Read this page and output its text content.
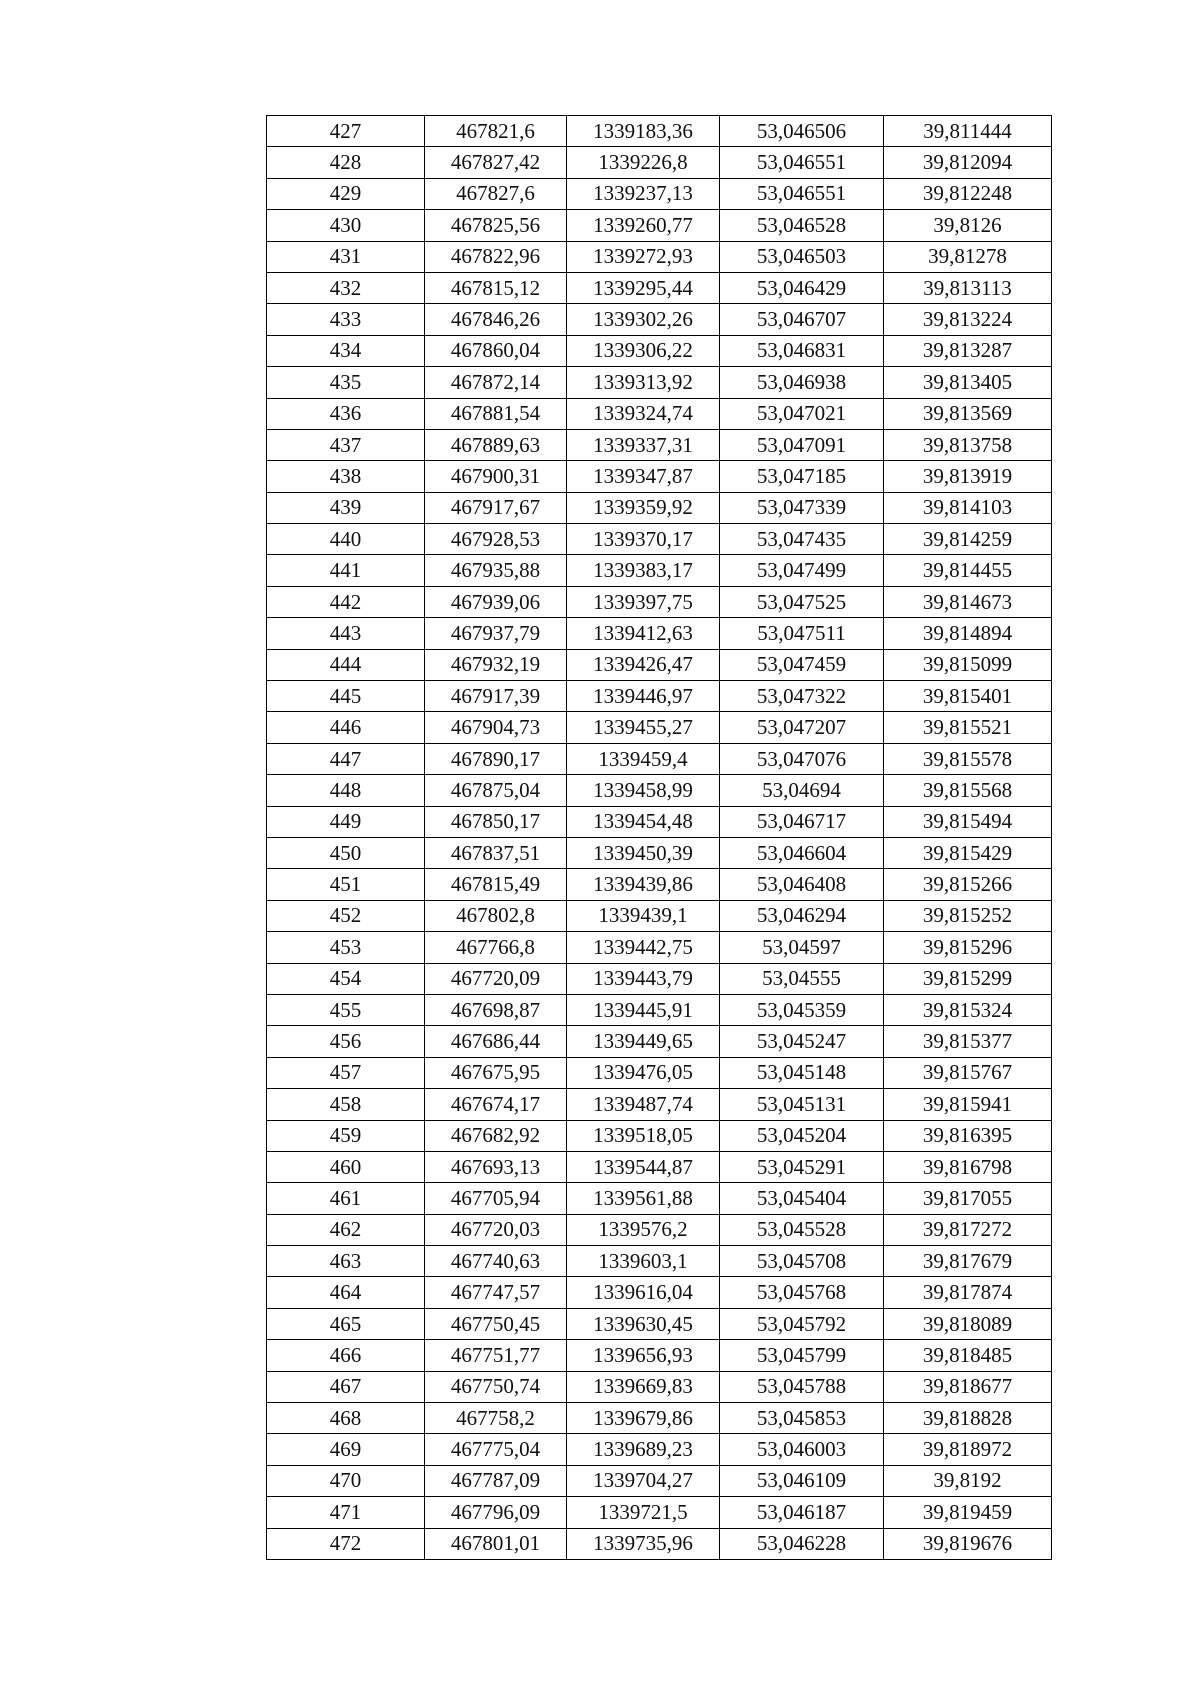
427	467821,6	1339183,36	53,046506	39,811444
428	467827,42	1339226,8	53,046551	39,812094
429	467827,6	1339237,13	53,046551	39,812248
430	467825,56	1339260,77	53,046528	39,8126
431	467822,96	1339272,93	53,046503	39,81278
432	467815,12	1339295,44	53,046429	39,813113
433	467846,26	1339302,26	53,046707	39,813224
434	467860,04	1339306,22	53,046831	39,813287
435	467872,14	1339313,92	53,046938	39,813405
436	467881,54	1339324,74	53,047021	39,813569
437	467889,63	1339337,31	53,047091	39,813758
438	467900,31	1339347,87	53,047185	39,813919
439	467917,67	1339359,92	53,047339	39,814103
440	467928,53	1339370,17	53,047435	39,814259
441	467935,88	1339383,17	53,047499	39,814455
442	467939,06	1339397,75	53,047525	39,814673
443	467937,79	1339412,63	53,047511	39,814894
444	467932,19	1339426,47	53,047459	39,815099
445	467917,39	1339446,97	53,047322	39,815401
446	467904,73	1339455,27	53,047207	39,815521
447	467890,17	1339459,4	53,047076	39,815578
448	467875,04	1339458,99	53,04694	39,815568
449	467850,17	1339454,48	53,046717	39,815494
450	467837,51	1339450,39	53,046604	39,815429
451	467815,49	1339439,86	53,046408	39,815266
452	467802,8	1339439,1	53,046294	39,815252
453	467766,8	1339442,75	53,04597	39,815296
454	467720,09	1339443,79	53,04555	39,815299
455	467698,87	1339445,91	53,045359	39,815324
456	467686,44	1339449,65	53,045247	39,815377
457	467675,95	1339476,05	53,045148	39,815767
458	467674,17	1339487,74	53,045131	39,815941
459	467682,92	1339518,05	53,045204	39,816395
460	467693,13	1339544,87	53,045291	39,816798
461	467705,94	1339561,88	53,045404	39,817055
462	467720,03	1339576,2	53,045528	39,817272
463	467740,63	1339603,1	53,045708	39,817679
464	467747,57	1339616,04	53,045768	39,817874
465	467750,45	1339630,45	53,045792	39,818089
466	467751,77	1339656,93	53,045799	39,818485
467	467750,74	1339669,83	53,045788	39,818677
468	467758,2	1339679,86	53,045853	39,818828
469	467775,04	1339689,23	53,046003	39,818972
470	467787,09	1339704,27	53,046109	39,8192
471	467796,09	1339721,5	53,046187	39,819459
472	467801,01	1339735,96	53,046228	39,819676
